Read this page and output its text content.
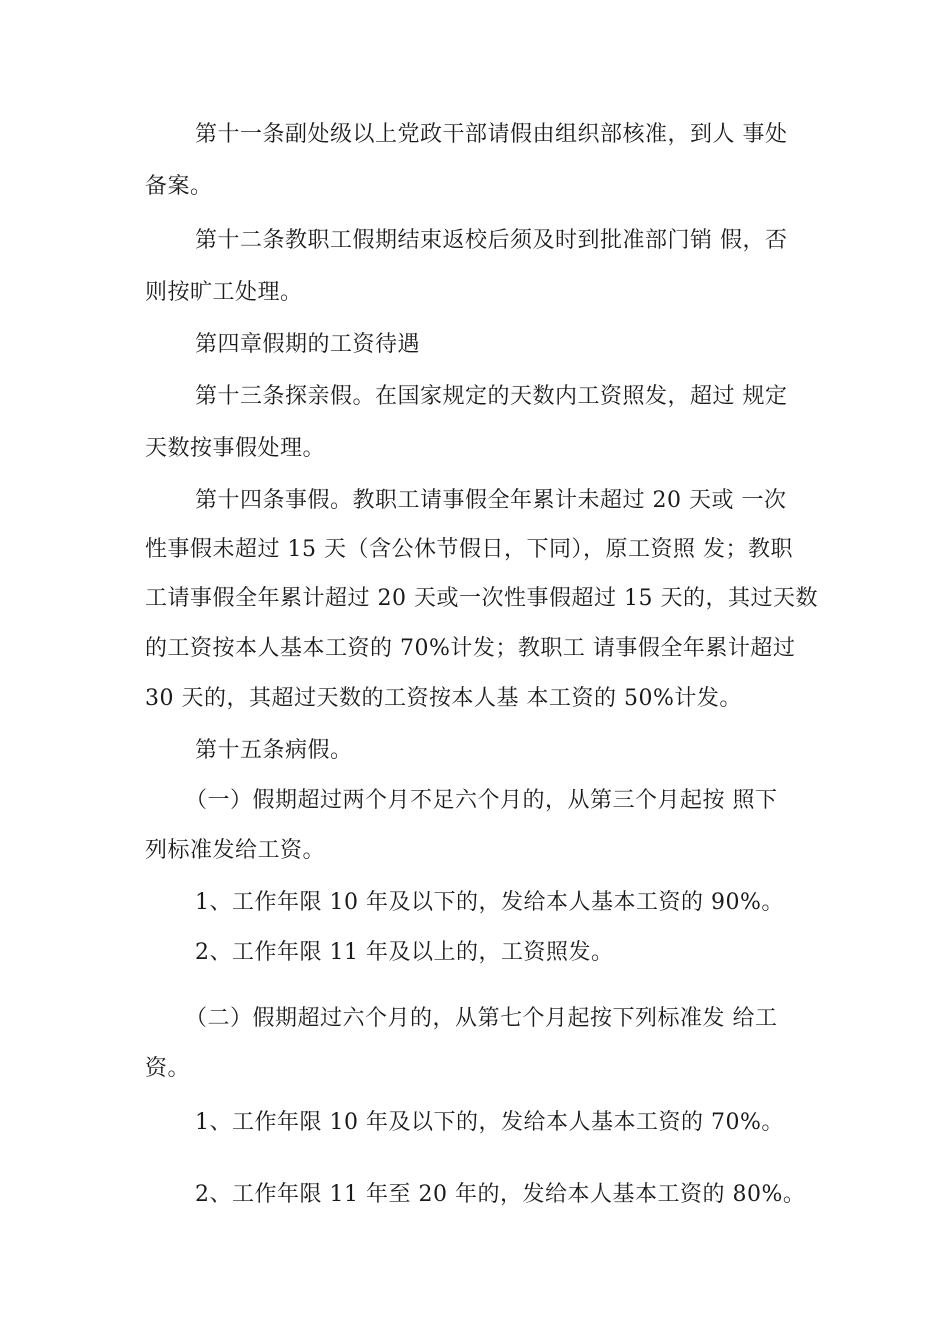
第十一条副处级以上党政干部请假由组织部核准，到人 事处
备案。
第十二条教职工假期结束返校后须及时到批准部门销 假，否
则按旷工处理。
第四章假期的工资待遇
第十三条探亲假。在国家规定的天数内工资照发，超过 规定
天数按事假处理。
第十四条事假。教职工请事假全年累计未超过 20 天或 一次
性事假未超过 15 天（含公休节假日，下同），原工资照 发；教职
工请事假全年累计超过 20 天或一次性事假超过 15 天的，其过天数
的工资按本人基本工资的 70%计发；教职工 请事假全年累计超过
30 天的，其超过天数的工资按本人基 本工资的 50%计发。
第十五条病假。
（一）假期超过两个月不足六个月的，从第三个月起按 照下
列标准发给工资。
1、工作年限 10 年及以下的，发给本人基本工资的 90%。
2、工作年限 11 年及以上的，工资照发。
（二）假期超过六个月的，从第七个月起按下列标准发 给工
资。
1、工作年限 10 年及以下的，发给本人基本工资的 70%。
2、工作年限 11 年至 20 年的，发给本人基本工资的 80%。
